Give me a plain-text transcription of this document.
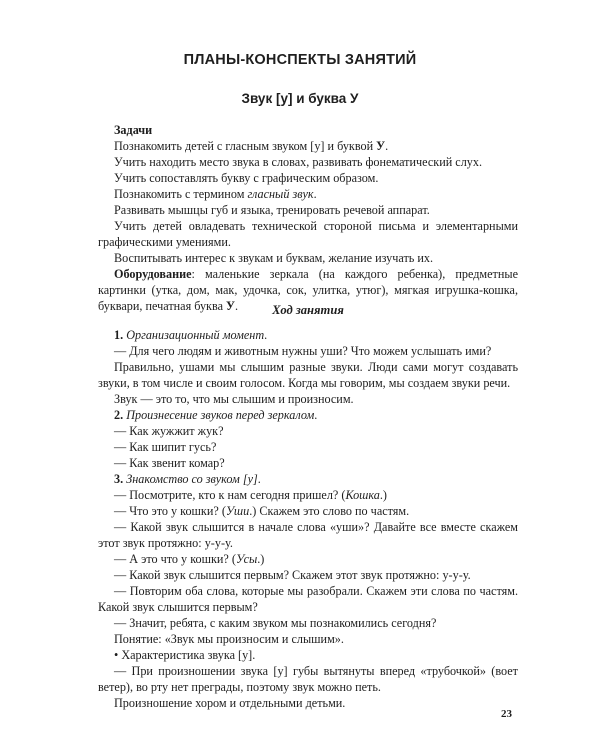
ПЛАНЫ-КОНСПЕКТЫ ЗАНЯТИЙ
Звук [у] и буква У

Задачи

Познакомить детей с гласным звуком [у] и буквой У.

Учить находить место звука в словах, развивать фонематический слух.

Учить сопоставлять букву с графическим образом.

Познакомить с термином гласный звук.

Развивать мышцы губ и языка, тренировать речевой аппарат.

Учить детей овладевать технической стороной письма и элементарными графическими умениями.

Воспитывать интерес к звукам и буквам, желание изучать их.

Оборудование: маленькие зеркала (на каждого ребенка), предметные картинки (утка, дом, мак, удочка, сок, улитка, утюг), мягкая игрушка-кошка, буквари, печатная буква У.	Ход занятия

1. Организационный момент.

— Для чего людям и животным нужны уши? Что можем услышать ими?

Правильно, ушами мы слышим разные звуки. Люди сами могут создавать звуки, в том числе и своим голосом. Когда мы говорим, мы создаем звуки речи.

Звук — это то, что мы слышим и произносим.

2. Произнесение звуков перед зеркалом.

— Как жужжит жук?

— Как шипит гусь?

— Как звенит комар?

3. Знакомство со звуком [у].

— Посмотрите, кто к нам сегодня пришел? (Кошка.)

— Что это у кошки? (Уши.) Скажем это слово по частям.

— Какой звук слышится в начале слова «уши»? Давайте все вместе скажем этот звук протяжно: у-у-у.

— А это что у кошки? (Усы.)

— Какой звук слышится первым? Скажем этот звук протяжно: у-у-у.

— Повторим оба слова, которые мы разобрали. Скажем эти слова по частям. Какой звук слышится первым?

— Значит, ребята, с каким звуком мы познакомились сегодня?

Понятие: «Звук мы произносим и слышим».

• Характеристика звука [у].

— При произношении звука [у] губы вытянуты вперед «трубочкой» (воет ветер), во рту нет преграды, поэтому звук можно петь.

Произношение хором и отдельными детьми.

23
